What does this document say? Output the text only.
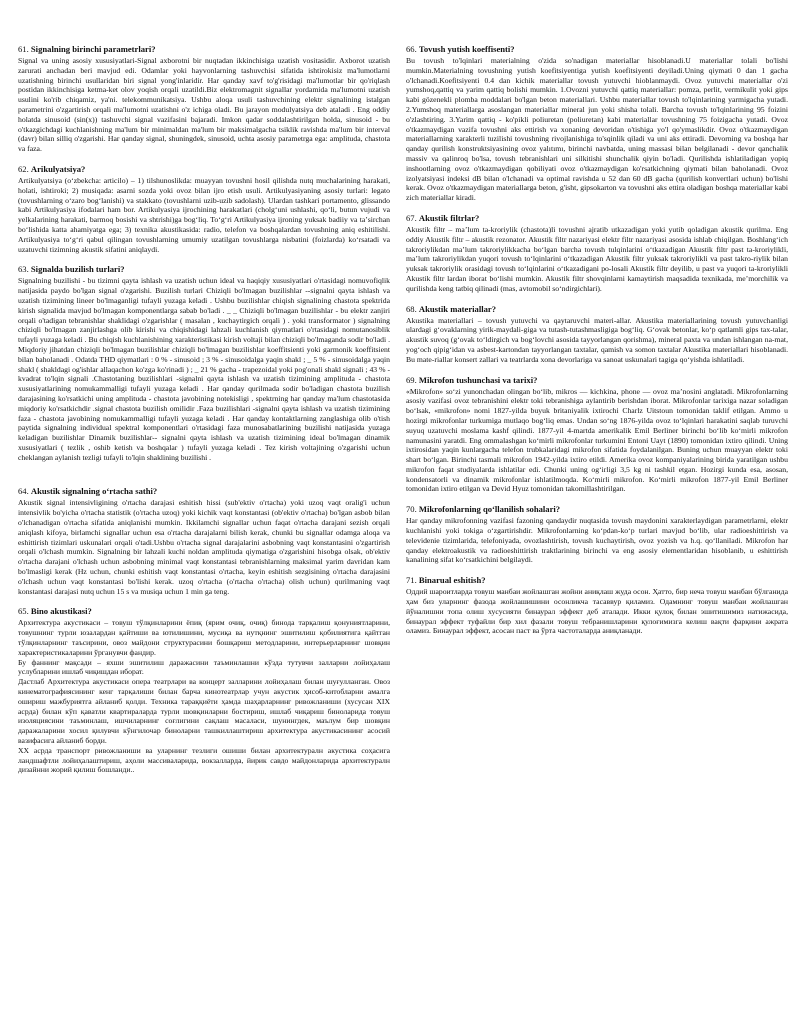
61. Signalning birinchi parametrlari?

Signal va uning asosiy xususiyatlari-Signal axborotni bir nuqtadan ikkinchisiga uzatish vositasidir. Axborot uzatish zarurati anchadan beri mavjud edi. Odamlar yoki hayvonlarning tashuvchisi sifatida ishtirokisiz ma'lumotlarni uzatishning birinchi usullaridan biri signal yong'inlaridir. Har qanday xavf to'g'risidagi ma'lumotlar bir qo'riqlash postidan ikkinchisiga ketma-ket olov yoqish orqali uzatildi.Biz elektromagnit signallar yordamida ma'lumotni uzatish usulini ko'rib chiqamiz, ya'ni. telekommunikatsiya. Ushbu aloqa usuli tashuvchining elektr signalining istalgan parametrini o'zgartirish orqali ma'lumotni uzatishni o'z ichiga oladi. Bu jarayon modulyatsiya deb ataladi . Eng oddiy holatda sinusoid (sin(x)) tashuvchi signal vazifasini bajaradi. Imkon qadar soddalashtirilgan holda, sinusoid - bu o'tkazgichdagi kuchlanishning ma'lum bir minimaldan ma'lum bir maksimalgacha tsiklik ravishda ma'lum bir interval (davr) bilan silliq o'zgarishi. Har qanday signal, shuningdek, sinusoid, uchta asosiy parametrga ega: amplituda, chastota va faza.

62. Arikulyatsiya?

Artikulyatsiya (oʻzbekcha: articilo) – 1) tilshunoslikda: muayyan tovushni hosil qilishda nutq muchalarining harakati, holati, ishtiroki; 2) musiqada: asarni sozda yoki ovoz bilan ijro etish usuli. Artikulyasiyaning asosiy turlari: legato (tovushlarning oʻzaro bogʻlanishi) va stakkato (tovushlarni uzib-uzib sadolash). Ulardan tashkari portamento, glissando kabi Artikulyasiya ifodalari ham bor. Artikulyasiya ijrochining harakatlari (cholgʻuni ushlashi, qoʻli, butun vujudi va yelkalarining harakati, barmoq bosishi va shtrishi)ga bogʻliq. Toʻgʻri Artikulyasiya ijroning yuksak badiiy va taʼsirchan boʻlishida katta ahamiyatga ega; 3) texnika akustikasida: radio, telefon va boshqalardan tovushning aniq eshitilishi. Artikulyasiya toʻgʻri qabul qilingan tovushlarning umumiy uzatilgan tovushlarga nisbatini (foizlarda) koʻrsatadi va uzatuvchi tizimning akustik sifatini aniqlaydi.

63. Signalda buzilish turlari?

Signalning buzilishi - bu tizimni qayta ishlash va uzatish uchun ideal va haqiqiy xususiyatlari o'rtasidagi nomuvofiqlik natijasida paydo bo'lgan signal o'zgarishi. Buzilish turlari Chiziqli bo'lmagan buzilishlar --signalni qayta ishlash va uzatish tizimining lineer bo'lmaganligi tufayli yuzaga keladi . Ushbu buzilishlar chiqish signalining chastota spektrida kirish signalida mavjud bo'lmagan komponentlarga sabab bo'ladi . _ _ Chiziqli bo'lmagan buzilishlar - bu elektr zanjiri orqali o'tadigan tebranishlar shaklidagi o'zgarishlar ( masalan , kuchaytirgich orqali ) . yoki transformator ) signalning chiziqli bo'lmagan zanjirlashga olib kirishi va chiqishidagi lahzali kuchlanish qiymatlari o'rtasidagi nomutanosiblik tufayli yuzaga keladi . Bu chiqish kuchlanishining xarakteristikasi kirish voltaji bilan chiziqli bo'lmaganda sodir bo'ladi . Miqdoriy jihatdan chiziqli bo'lmagan buzilishlar chiziqli bo'lmagan buzilishlar koeffitsienti yoki garmonik koeffitsient bilan baholanadi . Odatda THD qiymatlari : 0 % - sinusoid ; 3 % - sinusoidalga yaqin shakl ; _ 5 % - sinusoidalga yaqin shakl ( shakldagi og'ishlar allaqachon ko'zga ko'rinadi ) ; _ 21 % gacha - trapezoidal yoki pog'onali shakl signali ; 43 % - kvadrat to'lqin signali .Chastotaning buzilishlari -signalni qayta ishlash va uzatish tizimining amplituda - chastota xususiyatlarining nomukammalligi tufayli yuzaga keladi . Har qanday qurilmada sodir bo'ladigan chastota buzilish darajasining ko'rsatkichi uning amplituda - chastota javobining notekisligi , spektrning har qanday ma'lum chastotasida miqdoriy ko'rsatkichdir .signal chastota buzilish omilidir .Faza buzilishlari -signalni qayta ishlash va uzatish tizimining faza - chastota javobining nomukammalligi tufayli yuzaga keladi . Har qanday kontaktlarning zanglashiga olib o'tish paytida signalning individual spektral komponentlari o'rtasidagi faza munosabatlarining buzilishi natijasida yuzaga keladigan buzilishlar Dinamik buzilishlar-- signalni qayta ishlash va uzatish tizimining ideal bo'lmagan dinamik xususiyatlari ( tezlik , oshib ketish va boshqalar ) tufayli yuzaga keladi . Tez kirish voltajining o'zgarishi uchun cheklangan aylanish tezligi tufayli to'lqin shaklining buzilishi .

64. Akustik signalning oʻrtacha sathi?

Akustik signal intensivligining o'rtacha darajasi eshitish hissi (sub'ektiv o'rtacha) yoki uzoq vaqt oralig'i uchun intensivlik bo'yicha o'rtacha statistik (o'rtacha uzoq) yoki kichik vaqt konstantasi (ob'ektiv o'rtacha) bo'lgan asbob bilan o'lchanadigan o'rtacha sifatida aniqlanishi mumkin. Ikkilamchi signallar uchun faqat o'rtacha darajani sezish orqali aniqlash kifoya, birlamchi signallar uchun esa o'rtacha darajalarni bilish kerak, chunki bu signallar odamga aloqa va eshittirish tizimlari uskunalari orqali o'tadi.Ushbu o'rtacha signal darajalarini asbobning vaqt konstantasini o'zgartirish orqali o'lchash mumkin. Signalning bir lahzali kuchi noldan amplituda qiymatiga o'zgarishini hisobga olsak, ob'ektiv o'rtacha darajani o'lchash uchun asbobning minimal vaqt konstantasi tebranishlarning maksimal yarim davridan kam bo'lmasligi kerak (Hz uchun, chunki eshitish vaqt konstantasi o'rtacha, keyin eshitish sezgisining o'rtacha darajasini o'lchash uchun vaqt konstantasi bo'lishi kerak. uzoq o'rtacha (o'rtacha o'rtacha) olish uchun) qurilmaning vaqt konstantasi darajasi nutq uchun 15 s va musiqa uchun 1 min ga teng.

65. Bino akustikasi?

Архитектура акустикаси – товуш тўлқинларини ёпиқ (ярим очиқ, очиқ) бинода тарқалиш қонуниятларини, товушнинг турли юзалардан қайтиши ва ютилишини, мусиқа ва нутқнинг эшитилиш қобилиятига қайтган тўлқинларнинг таъсирини, овоз майдони структурасини бошқариш методларини, интерьерларнинг шовқин характеристикаларини ўрганувчи фандир.
Бу фаннинг мақсади – яхши эшитилиш даражасини таъминлашни кўзда тутувчи залларни лойиҳалаш услубларини ишлаб чиқишдан иборат.
Дастлаб Архитектура акустикаси опера театрлари ва концерт залларини лойиҳалаш билан шуғулланган. Овоз кинематографиясининг кенг тарқалиши билан барча кинотеатрлар учун акустик ҳисоб-китобларни амалга ошириш мажбуриятга айланиб қолди. Техника тараққиёти ҳамда шаҳарларнинг ривожланиши (хусусан XIX асрда) билан кўп қаватли квартираларда турли шовқинларни бостириш, ишлаб чиқариш биноларида товуш изоляциясини таъминлаш, ишчиларнинг соғлигини сақлаш масаласи, шунингдек, маълум бир шовқин даражаларини хосил қилувчи кўнгилочар биноларни ташкиллаштириш архитектура акустикасининг асосий вазифасига айланиб борди.
XX асрда транспорт ривожланиши ва уларнинг тезлиги ошиши билан архитектуралн акустика соҳасига ландшафтли лойиҳалаштириш, аҳоли массиваларида, вокзалларда, йирик савдо майдонларида архитектуралн дизайнни жорий қилиш бошланди..

66. Tovush yutish koeffisenti?

Bu tovush to'lqinlari materialning o'zida so'nadigan materiallar hisoblanadi.U materiallar tolali bo'lishi mumkin.Materialning tovushning yutish koefitsiyentiga yutish koefitsiyenti deyiladi.Uning qiymati 0 dan 1 gacha o'lchanadi.Koefitsiyenti 0.4 dan kichik materiallar tovush yutuvchi hioblanmaydi. Ovoz yutuvchi materiallar o'zi yumshoq,qattiq va yarim qattiq bolishi mumkin. 1.Ovozni yutuvchi qattiq materiallar: pomza, perlit, vermikulit yoki gips kabi gözenekli plomba moddalari bo'lgan beton materiallari. Ushbu materiallar tovush to'lqinlarining yarmigacha yutadi. 2.Yumshoq materiallarga asoslangan materiallar mineral jun yoki shisha tolali. Barcha tovush to'lqinlarining 95 foizini o'zlashtiring. 3.Yarim qattiq - ko'pikli poliuretan (poliuretan) kabi materiallar tovushning 75 foizigacha yutadi. Ovoz o'tkazmaydigan vazifa tovushni aks ettirish va xonaning devoridan o'tishiga yo'l qo'ymaslikdir. Ovoz o'tkazmaydigan materiallarning xarakterli tuzilishi tovushning rivojlanishiga to'sqinlik qiladi va uni aks ettiradi. Devorning va boshqa har qanday qurilish konstruktsiyasining ovoz yalıtımı, birinchi navbatda, uning massasi bilan belgilanadi - devor qanchalik massiv va qalinroq bo'lsa, tovush tebranishlari uni silkitishi shunchalik qiyin bo'ladi. Qurilishda ishlatiladigan yopiq inshootlarning ovoz o'tkazmaydigan qobiliyati ovoz o'tkazmaydigan ko'rsatkichning qiymati bilan baholanadi. Ovoz izolyatsiyasi indeksi dB bilan o'lchanadi va optimal ravishda u 52 dan 60 dB gacha (qurilish konvertlari uchun) bo'lishi kerak. Ovoz o'tkazmaydigan materiallarga beton, g'isht, gipsokarton va tovushni aks ettira oladigan boshqa materiallar kabi zich materiallar kiradi.

67. Akustik filtrlar?

Akustik filtr – maʼlum ta-kroriylik (chastota)li tovushni ajratib utkazadigan yoki yutib qoladigan akustik qurilma. Eng oddiy Akustik filtr – akustik rezonator. Akustik filtr nazariyasi elektr filtr nazariyasi asosida ishlab chiqilgan. Boshlangʻich takroriylikdan maʼlum takroriylikkacha boʻlgan barcha tovush tulqinlarini oʻtkazadigan Akustik filtr past ta-kroriylikli, maʼlum takroriylikdan yuqori tovush toʻlqinlarini oʻtkazadigan Akustik filtr yuksak takroriylikli va past takro-riylik bilan yuksak takroriylik orasidagi tovush toʻlqinlarini oʻtkazadigani po-losali Akustik filtr deyilib, u past va yuqori ta-kroriylikli Akustik filtr lardan iborat boʻlishi mumkin. Akustik filtr shovqinlarni kamaytirish maqsadida texnikada, meʼmorchilik va qurilishda keng tatbiq qilinadi (mas, avtomobil soʻndirgichlari).

68. Akustik materiallar?

Akustika materiallari – tovush yutuvchi va qaytaruvchi materi-allar. Akustika materiallarining tovush yutuvchanligi ulardagi gʻovaklarning yirik-maydali-gigа va tutash-tutashmasligiga bogʻliq. Gʻovak betonlar, koʻp qatlamli gips tax-talar, akustik suvoq (gʻovak toʻldirgich va bogʻlovchi asosida tayyorlangan qorishma), mineral paxta va undan ishlangan na-mat, yogʻoch qipigʻidan va asbest-kartondan tayyorlangan taxtalar, qamish va somon taxtalar Akustika materiallari hisoblanadi. Bu mate-riallar konsert zallari va teatrlarda xona devorlariga va sanoat uskunalari tagiga qoʻyishda ishlatiladi.

69. Mikrofon tushunchasi va tarixi?

«Mikrofon» soʻzi yunonchadan olingan boʻlib, mikros — kichkina, phone — ovoz maʼnosini anglatadi. Mikrofonlarning asosiy vazifasi ovoz tebranishini elektr toki tebranishiga aylantirib berishdan iborat. Mikrofonlar tarixiga nazar soladigan boʻlsak, «mikrofon» nomi 1827-yilda buyuk britaniyalik ixtirochi Charlz Uitstoun tomonidan taklif etilgan. Ammo u hozirgi mikrofonlar turkumiga mutlaqo bogʻliq emas. Undan soʻng 1876-yilda ovoz toʻlqinlari harakatini saqlab turuvchi suyuq uzatuvchi moslama kashf qilindi. 1877-yil 4-martda amerikalik Emil Berliner birinchi boʻlib koʻmirli mikrofon namunasini yaratdi. Eng ommalashgan koʻmirli mikrofonlar turkumini Entoni Uayt (1890) tomonidan ixtiro qilindi. Uning ixtirosidan yaqin kunlargacha telefon trubkalaridagi mikrofon sifatida foydalanilgan. Buning uchun muayyan elektr toki shart boʻlgan. Birinchi tasmali mikrofon 1942-yilda ixtiro etildi. Amerika ovoz kompaniyalarining birida yaratilgan ushbu mikrofon faqat studiyalarda ishlatilar edi. Chunki uning ogʻirligi 3,5 kg ni tashkil etgan. Hozirgi kunda esa, asosan, kondensatorli va dinamik mikrofonlar ishlatilmoqda. Koʻmirli mikrofon. Koʻmirli mikrofon 1877-yil Emil Berliner tomonidan ixtiro etilgan va Devid Hyuz tomonidan takomillashtirilgan.

70. Mikrofonlarning qoʻllanilish sohalari?

Har qanday mikrofonning vazifasi fazoning qandaydir nuqtasida tovush maydonini xarakterlaydigan parametrlarni, elektr kuchlanishi yoki tokiga oʻzgartirishdir. Mikrofonlarning koʻpdan-koʻp turlari mavjud boʻlib, ular radioeshittirish va televidenie tizimlarida, telefoniyada, ovozlashtirish, tovush kuchaytirish, ovoz yozish va h.q. qoʻllaniladi. Mikrofon har qanday elektroakustik va radioeshittirish traktlarining birinchi va eng asosiy elementlaridan hisoblanib, u eshittirish kanalining sifat koʻrsatkichini belgilaydi.

71. Binarual eshitish?

Оддий шароитларда товуш манбаи жойлашган жойни аниқлаш жуда осон. Ҳатто, бир неча товуш манбаи бўлганида ҳам биз уларнинг фазода жойлашишини осонликча тасаввур қиламиз. Одамнинг товуш манбаи жойлашган йўналишни топа олиш хусусияти бинаурал эффект деб аталади. Икки қулоқ билан эшитишимиз натижасида, бинаурал эффект туфайли бир хил фазали товуш тебранишларини қулоғимизга келиш вақти фарқини ажрата оламиз. Бинаурал эффект, асосан паст ва ўрта частоталарда аниқланади.
